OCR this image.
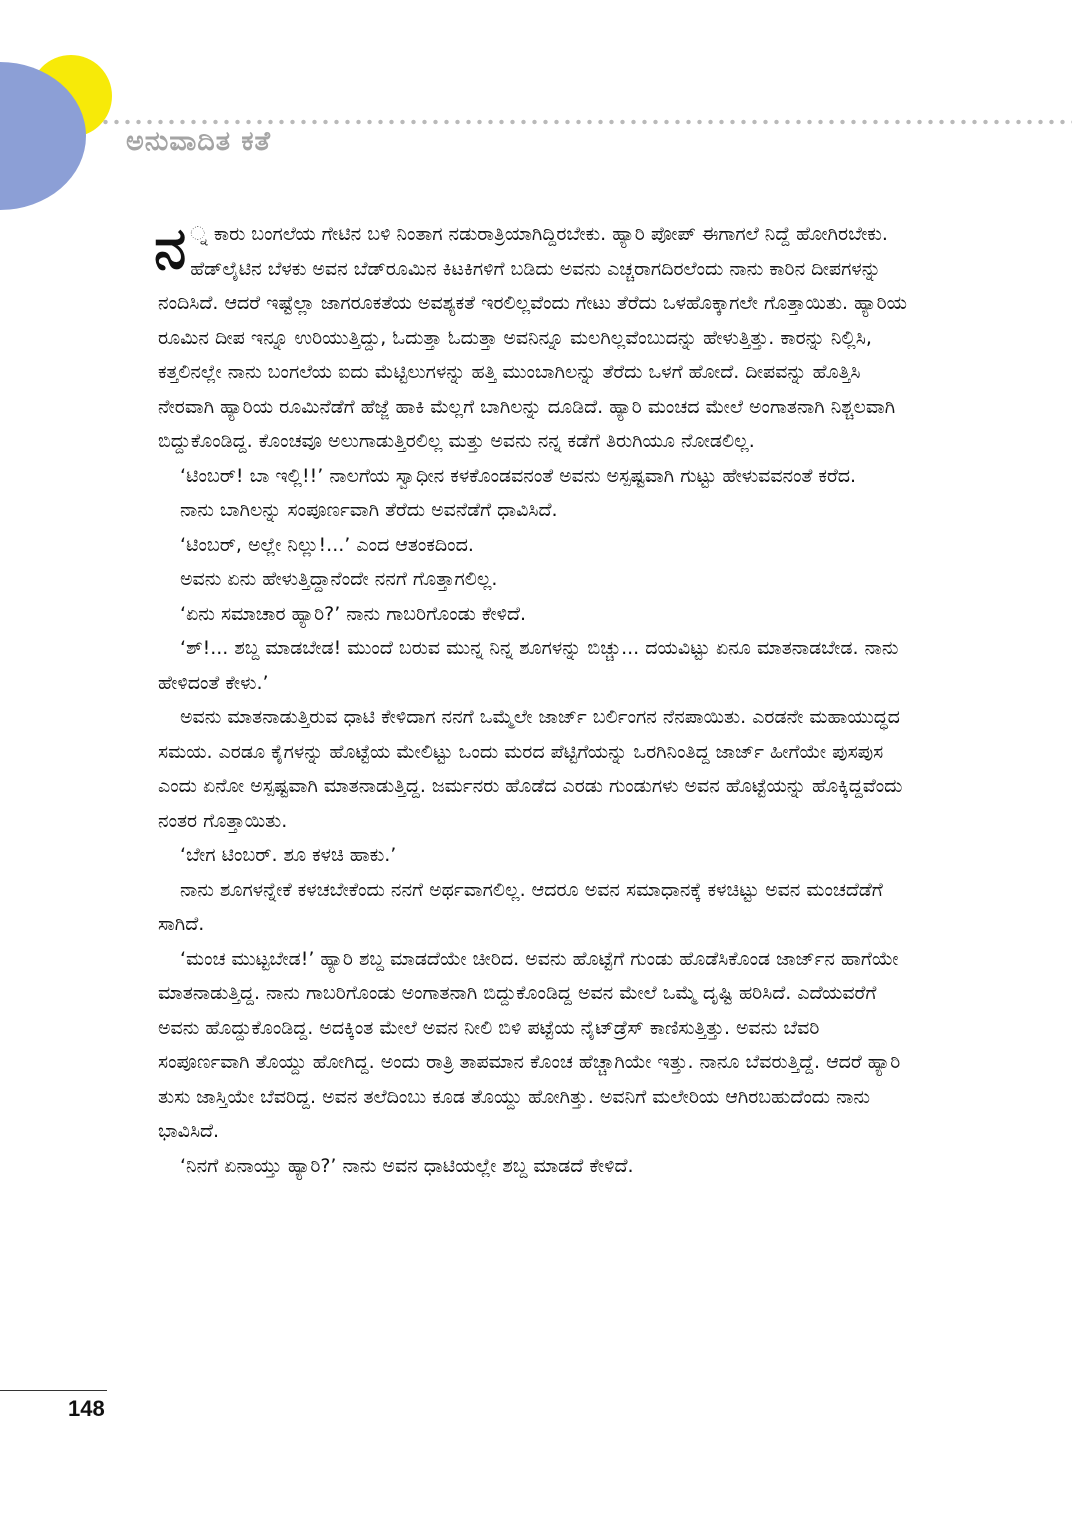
ಅನುವಾದಿತ ಕತೆ

ನ ್ನ ಕಾರು ಬಂಗಲೆಯ ಗೇಟಿನ ಬಳಿ ನಿಂತಾಗ ನಡುರಾತ್ರಿಯಾಗಿದ್ದಿರಬೇಕು. ಹ್ಯಾರಿ ಪೋಪ್ ಈಗಾಗಲೆ ನಿದ್ದೆ ಹೋಗಿರಬೇಕು. ಹೆಡ್‌ಲೈಟಿನ ಬೆಳಕು ಅವನ ಬೆಡ್‌ರೂಮಿನ ಕಿಟಕಿಗಳಿಗೆ ಬಡಿದು ಅವನು ಎಚ್ಚರಾಗದಿರಲೆಂದು ನಾನು ಕಾರಿನ ದೀಪಗಳನ್ನು ನಂದಿಸಿದೆ. ಆದರೆ ಇಷ್ಟೆಲ್ಲಾ ಜಾಗರೂಕತೆಯ ಅವಶ್ಯಕತೆ ಇರಲಿಲ್ಲವೆಂದು ಗೇಟು ತೆರೆದು ಒಳಹೊಕ್ಕಾಗಲೇ ಗೊತ್ತಾಯಿತು. ಹ್ಯಾರಿಯ ರೂಮಿನ ದೀಪ ಇನ್ನೂ ಉರಿಯುತ್ತಿದ್ದು, ಓದುತ್ತಾ ಓದುತ್ತಾ ಅವನಿನ್ನೂ ಮಲಗಿಲ್ಲವೆಂಬುದನ್ನು ಹೇಳುತ್ತಿತ್ತು. ಕಾರನ್ನು ನಿಲ್ಲಿಸಿ, ಕತ್ತಲಿನಲ್ಲೇ ನಾನು ಬಂಗಲೆಯ ಐದು ಮೆಟ್ಟಿಲುಗಳನ್ನು ಹತ್ತಿ ಮುಂಬಾಗಿಲನ್ನು ತೆರೆದು ಒಳಗೆ ಹೋದೆ. ದೀಪವನ್ನು ಹೊತ್ತಿಸಿ ನೇರವಾಗಿ ಹ್ಯಾರಿಯ ರೂಮಿನೆಡೆಗೆ ಹೆಜ್ಜೆ ಹಾಕಿ ಮೆಲ್ಲಗೆ ಬಾಗಿಲನ್ನು ದೂಡಿದೆ. ಹ್ಯಾರಿ ಮಂಚದ ಮೇಲೆ ಅಂಗಾತನಾಗಿ ನಿಶ್ಚಲವಾಗಿ ಬಿದ್ದುಕೊಂಡಿದ್ದ. ಕೊಂಚವೂ ಅಲುಗಾಡುತ್ತಿರಲಿಲ್ಲ ಮತ್ತು ಅವನು ನನ್ನ ಕಡೆಗೆ ತಿರುಗಿಯೂ ನೋಡಲಿಲ್ಲ.

‘ಟಿಂಬರ್! ಬಾ ಇಲ್ಲಿ!!’ ನಾಲಗೆಯ ಸ್ವಾಧೀನ ಕಳಕೊಂಡವನಂತೆ ಅವನು ಅಸ್ಪಷ್ಟವಾಗಿ ಗುಟ್ಟು ಹೇಳುವವನಂತೆ ಕರೆದ.

ನಾನು ಬಾಗಿಲನ್ನು ಸಂಪೂರ್ಣವಾಗಿ ತೆರೆದು ಅವನೆಡೆಗೆ ಧಾವಿಸಿದೆ.

‘ಟಿಂಬರ್, ಅಲ್ಲೇ ನಿಲ್ಲು!...’ ಎಂದ ಆತಂಕದಿಂದ.

ಅವನು ಏನು ಹೇಳುತ್ತಿದ್ದಾನೆಂದೇ ನನಗೆ ಗೊತ್ತಾಗಲಿಲ್ಲ.

‘ಏನು ಸಮಾಚಾರ ಹ್ಯಾರಿ?’ ನಾನು ಗಾಬರಿಗೊಂಡು ಕೇಳಿದೆ.

‘ಶ್!... ಶಬ್ದ ಮಾಡಬೇಡ! ಮುಂದೆ ಬರುವ ಮುನ್ನ ನಿನ್ನ ಶೂಗಳನ್ನು ಬಿಚ್ಚು... ದಯವಿಟ್ಟು ಏನೂ ಮಾತನಾಡಬೇಡ. ನಾನು ಹೇಳಿದಂತೆ ಕೇಳು.’

ಅವನು ಮಾತನಾಡುತ್ತಿರುವ ಧಾಟಿ ಕೇಳಿದಾಗ ನನಗೆ ಒಮ್ಮೆಲೇ ಜಾರ್ಜ್ ಬರ್ಲಿಂಗನ ನೆನಪಾಯಿತು. ಎರಡನೇ ಮಹಾಯುದ್ಧದ ಸಮಯ. ಎರಡೂ ಕೈಗಳನ್ನು ಹೊಟ್ಟೆಯ ಮೇಲಿಟ್ಟು ಒಂದು ಮರದ ಪೆಟ್ಟಿಗೆಯನ್ನು ಒರಗಿನಿಂತಿದ್ದ ಜಾರ್ಜ್ ಹೀಗೆಯೇ ಪುಸಪುಸ ಎಂದು ಏನೋ ಅಸ್ಪಷ್ಟವಾಗಿ ಮಾತನಾಡುತ್ತಿದ್ದ. ಜರ್ಮನರು ಹೊಡೆದ ಎರಡು ಗುಂಡುಗಳು ಅವನ ಹೊಟ್ಟೆಯನ್ನು ಹೊಕ್ಕಿದ್ದವೆಂದು ನಂತರ ಗೊತ್ತಾಯಿತು.

‘ಬೇಗ ಟಿಂಬರ್. ಶೂ ಕಳಚಿ ಹಾಕು.’

ನಾನು ಶೂಗಳನ್ನೇಕೆ ಕಳಚಬೇಕೆಂದು ನನಗೆ ಅರ್ಥವಾಗಲಿಲ್ಲ. ಆದರೂ ಅವನ ಸಮಾಧಾನಕ್ಕೆ ಕಳಚಿಟ್ಟು ಅವನ ಮಂಚದೆಡೆಗೆ ಸಾಗಿದೆ.

‘ಮಂಚ ಮುಟ್ಟಬೇಡ!’ ಹ್ಯಾರಿ ಶಬ್ದ ಮಾಡದೆಯೇ ಚೀರಿದ. ಅವನು ಹೊಟ್ಟೆಗೆ ಗುಂಡು ಹೊಡೆಸಿಕೊಂಡ ಜಾರ್ಜ್‌ನ ಹಾಗೆಯೇ ಮಾತನಾಡುತ್ತಿದ್ದ. ನಾನು ಗಾಬರಿಗೊಂಡು ಅಂಗಾತನಾಗಿ ಬಿದ್ದುಕೊಂಡಿದ್ದ ಅವನ ಮೇಲೆ ಒಮ್ಮೆ ದೃಷ್ಟಿ ಹರಿಸಿದೆ. ಎದೆಯವರೆಗೆ ಅವನು ಹೊದ್ದುಕೊಂಡಿದ್ದ. ಅದಕ್ಕಿಂತ ಮೇಲೆ ಅವನ ನೀಲಿ ಬಿಳಿ ಪಟ್ಟೆಯ ನೈಟ್‌ಡ್ರೆಸ್ ಕಾಣಿಸುತ್ತಿತ್ತು. ಅವನು ಬೆವರಿ ಸಂಪೂರ್ಣವಾಗಿ ತೊಯ್ದು ಹೋಗಿದ್ದ. ಅಂದು ರಾತ್ರಿ ತಾಪಮಾನ ಕೊಂಚ ಹೆಚ್ಚಾಗಿಯೇ ಇತ್ತು. ನಾನೂ ಬೆವರುತ್ತಿದ್ದೆ. ಆದರೆ ಹ್ಯಾರಿ ತುಸು ಜಾಸ್ತಿಯೇ ಬೆವರಿದ್ದ. ಅವನ ತಲೆದಿಂಬು ಕೂಡ ತೊಯ್ದು ಹೋಗಿತ್ತು. ಅವನಿಗೆ ಮಲೇರಿಯ ಆಗಿರಬಹುದೆಂದು ನಾನು ಭಾವಿಸಿದೆ.

‘ನಿನಗೆ ಏನಾಯ್ತು ಹ್ಯಾರಿ?’ ನಾನು ಅವನ ಧಾಟಿಯಲ್ಲೇ ಶಬ್ದ ಮಾಡದೆ ಕೇಳಿದೆ.

148
